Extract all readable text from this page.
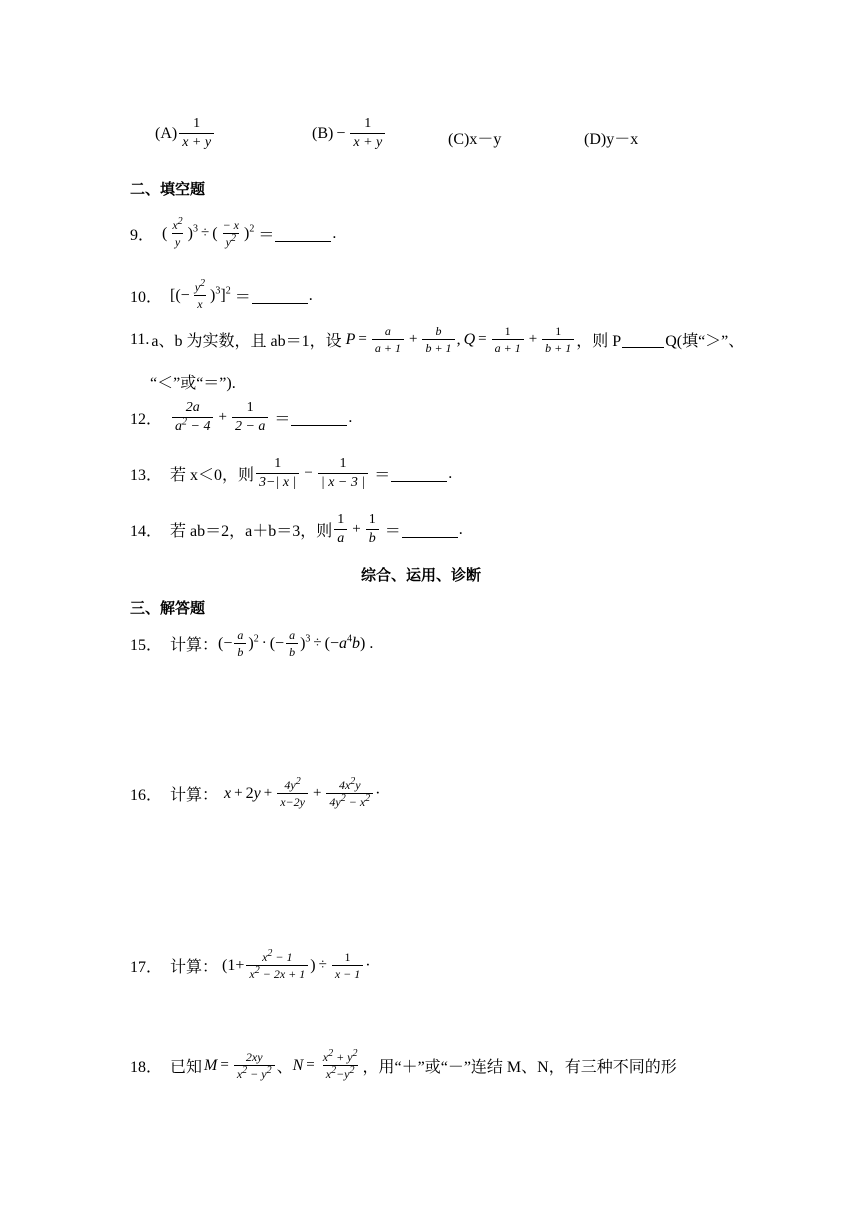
$(A) \frac{1}{x + y}$	$(B) - \frac{1}{x + y}$	(C)x－y	(D)y－x
二、填空题
9． ( $\frac{x^2}{y} )^3$ ÷ ( $\frac{- x}{y^2} )^2$ ＝	.
10． [(− $\frac{y^2}{x} )^3]^2$ ＝	.
11. a、b 为实数，且 ab＝1，设 $P = \frac{a}{a + 1} + \frac{b}{b + 1}$ , $Q = \frac{1}{a + 1} + \frac{1}{b + 1}$ ，则 P	Q(填“＞”、
“＜”或“＝”).
12． $\frac{2a}{a^2 - 4} + \frac{1}{2 - a}$ ＝	.
13． 若 x＜0，则 $\frac{1}{3-| x |} - \frac{1}{| x - 3 |}$ ＝	.
14． 若 ab＝2，a＋b＝3，则 $\frac{1}{a} + \frac{1}{b}$ ＝	.
综合、运用、诊断
三、解答题
15． 计算： (− $\frac{a}{b} )^2$ · (− $\frac{a}{b} )^3 \div (-a^4b)$ .
16． 计算： x + 2 $y + \frac{4y^2}{x-2y} + \frac{4x^2y}{4y^2 - x^2}$ ·
17． 计算： ($1+ \frac{x^2 - 1}{x^2 - 2x + 1}$ ) ÷ $\frac{1}{x - 1}$ ·
18． 已知 $M = \frac{2xy}{x^2 - y^2}$ 、 $N = \frac{x^2 + y^2}{x^2-y^2}$ ，用“＋”或“－”连结 M、N，有三种不同的形
